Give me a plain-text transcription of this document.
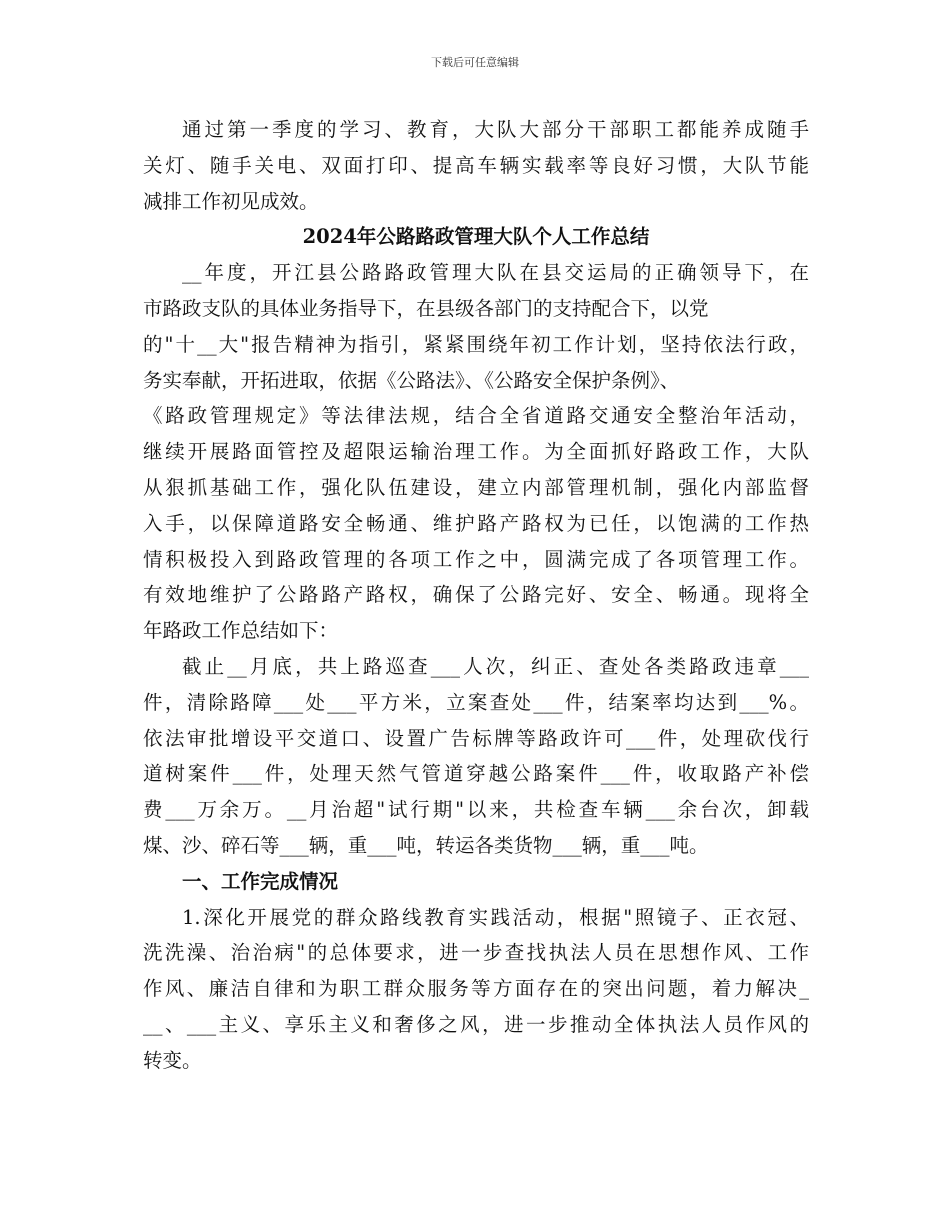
下载后可任意编辑
通过第一季度的学习、教育，大队大部分干部职工都能养成随手
关灯、随手关电、双面打印、提高车辆实载率等良好习惯，大队节能
减排工作初见成效。
2024年公路路政管理大队个人工作总结
__年度，开江县公路路政管理大队在县交运局的正确领导下，在
市路政支队的具体业务指导下，在县级各部门的支持配合下，以党
的"十__大"报告精神为指引，紧紧围绕年初工作计划，坚持依法行政，
务实奉献，开拓进取，依据《公路法》、《公路安全保护条例》、
《路政管理规定》等法律法规，结合全省道路交通安全整治年活动，
继续开展路面管控及超限运输治理工作。为全面抓好路政工作，大队
从狠抓基础工作，强化队伍建设，建立内部管理机制，强化内部监督
入手，以保障道路安全畅通、维护路产路权为已任，以饱满的工作热
情积极投入到路政管理的各项工作之中，圆满完成了各项管理工作。
有效地维护了公路路产路权，确保了公路完好、安全、畅通。现将全
年路政工作总结如下：
截止__月底，共上路巡查___人次，纠正、查处各类路政违章___
件，清除路障___处___平方米，立案查处___件，结案率均达到___%。
依法审批增设平交道口、设置广告标牌等路政许可___件，处理砍伐行
道树案件___件，处理天然气管道穿越公路案件___件，收取路产补偿
费___万余万。__月治超"试行期"以来，共检查车辆___余台次，卸载
煤、沙、碎石等___辆，重___吨，转运各类货物___辆，重___吨。
一、工作完成情况
1.深化开展党的群众路线教育实践活动，根据"照镜子、正衣冠、
洗洗澡、治治病"的总体要求，进一步查找执法人员在思想作风、工作
作风、廉洁自律和为职工群众服务等方面存在的突出问题，着力解决_
__、___主义、享乐主义和奢侈之风，进一步推动全体执法人员作风的
转变。
